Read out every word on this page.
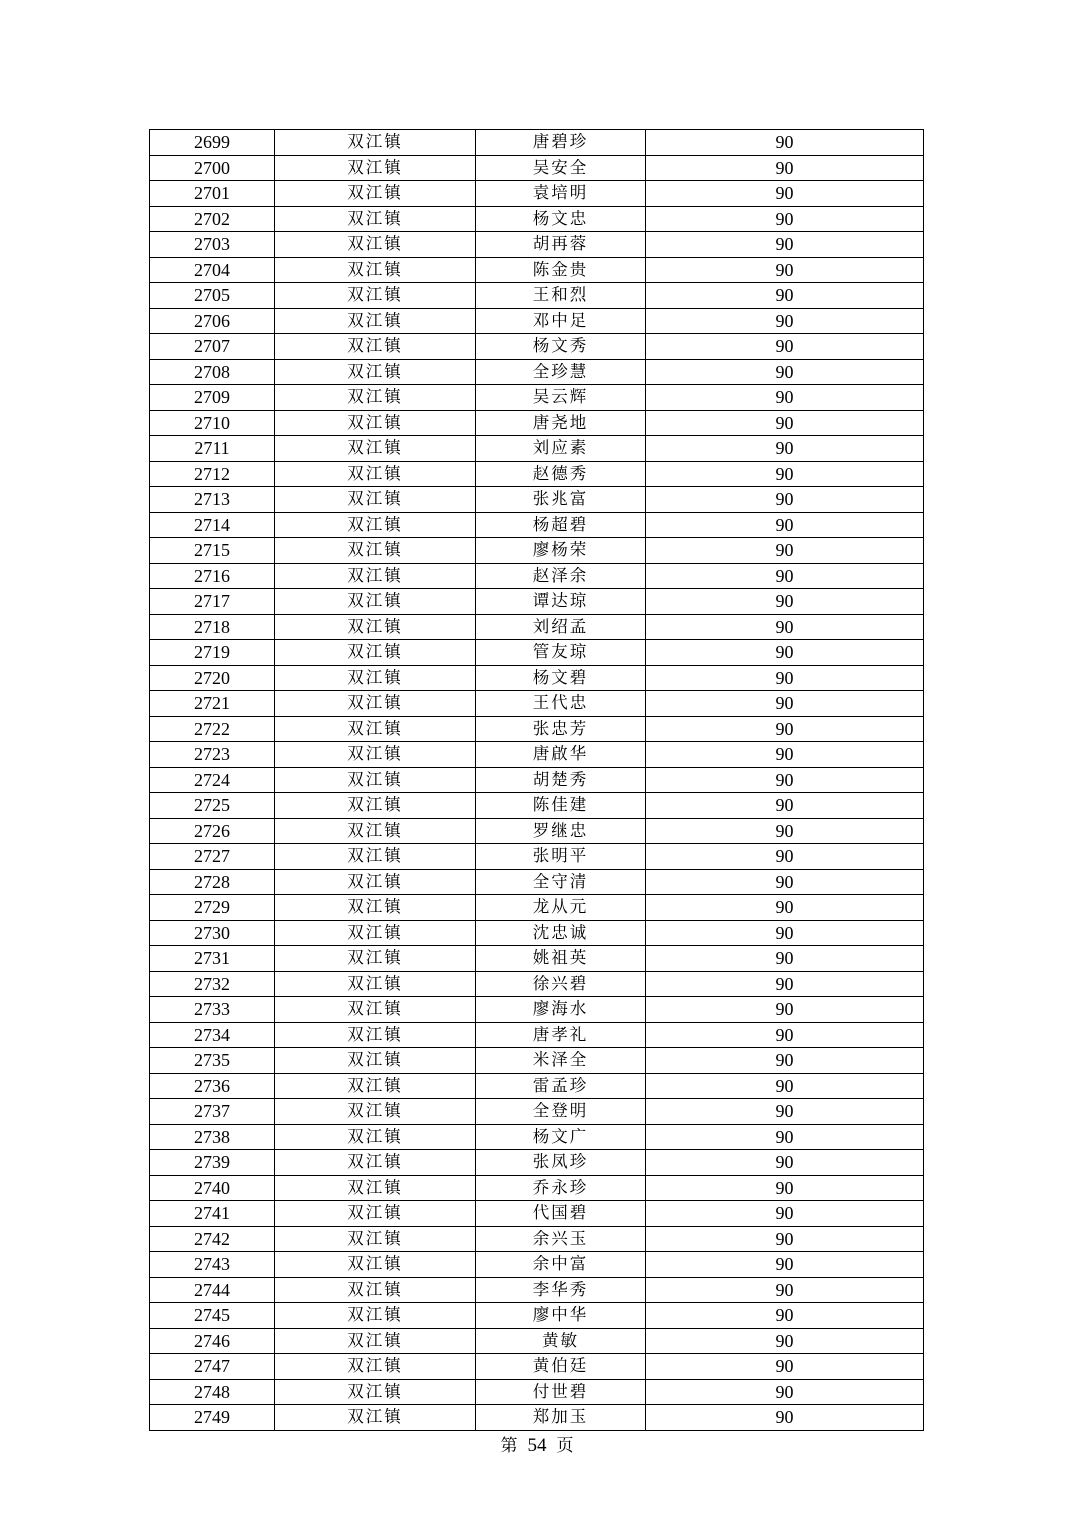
2699	双江镇	唐碧珍	90
2700	双江镇	吴安全	90
2701	双江镇	袁培明	90
2702	双江镇	杨文忠	90
2703	双江镇	胡再蓉	90
2704	双江镇	陈金贵	90
2705	双江镇	王和烈	90
2706	双江镇	邓中足	90
2707	双江镇	杨文秀	90
2708	双江镇	全珍慧	90
2709	双江镇	吴云辉	90
2710	双江镇	唐尧地	90
2711	双江镇	刘应素	90
2712	双江镇	赵德秀	90
2713	双江镇	张兆富	90
2714	双江镇	杨超碧	90
2715	双江镇	廖杨荣	90
2716	双江镇	赵泽余	90
2717	双江镇	谭达琼	90
2718	双江镇	刘绍孟	90
2719	双江镇	管友琼	90
2720	双江镇	杨文碧	90
2721	双江镇	王代忠	90
2722	双江镇	张忠芳	90
2723	双江镇	唐啟华	90
2724	双江镇	胡楚秀	90
2725	双江镇	陈佳建	90
2726	双江镇	罗继忠	90
2727	双江镇	张明平	90
2728	双江镇	全守清	90
2729	双江镇	龙从元	90
2730	双江镇	沈忠诚	90
2731	双江镇	姚祖英	90
2732	双江镇	徐兴碧	90
2733	双江镇	廖海水	90
2734	双江镇	唐孝礼	90
2735	双江镇	米泽全	90
2736	双江镇	雷孟珍	90
2737	双江镇	全登明	90
2738	双江镇	杨文广	90
2739	双江镇	张凤珍	90
2740	双江镇	乔永珍	90
2741	双江镇	代国碧	90
2742	双江镇	余兴玉	90
2743	双江镇	余中富	90
2744	双江镇	李华秀	90
2745	双江镇	廖中华	90
2746	双江镇	黄敏	90
2747	双江镇	黄伯廷	90
2748	双江镇	付世碧	90
2749	双江镇	郑加玉	90
第 54 页
